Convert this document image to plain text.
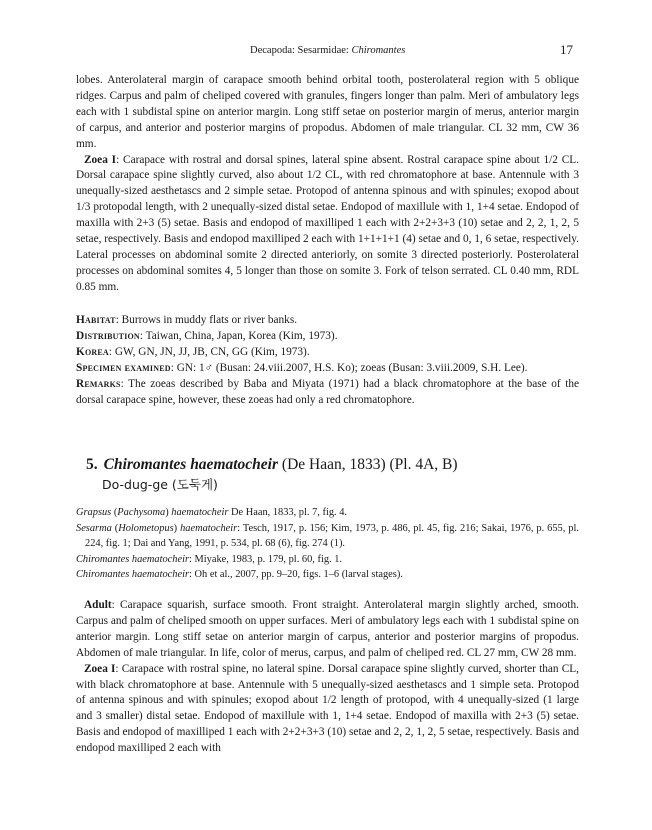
Decapoda: Sesarmidae: Chiromantes	17

lobes. Anterolateral margin of carapace smooth behind orbital tooth, posterolateral region with 5 oblique ridges. Carpus and palm of cheliped covered with granules, fingers longer than palm. Meri of ambulatory legs each with 1 subdistal spine on anterior margin. Long stiff setae on posterior margin of merus, anterior margin of carpus, and anterior and posterior margins of propodus. Abdomen of male triangular. CL 32 mm, CW 36 mm.

Zoea I: Carapace with rostral and dorsal spines, lateral spine absent. Rostral carapace spine about 1/2 CL. Dorsal carapace spine slightly curved, also about 1/2 CL, with red chromatophore at base. Antennule with 3 unequally-sized aesthetascs and 2 simple setae. Protopod of antenna spinous and with spinules; exopod about 1/3 protopodal length, with 2 unequally-sized distal setae. Endopod of maxillule with 1, 1+4 setae. Endopod of maxilla with 2+3 (5) setae. Basis and endopod of maxilliped 1 each with 2+2+3+3 (10) setae and 2, 2, 1, 2, 5 setae, respectively. Basis and endopod maxilliped 2 each with 1+1+1+1 (4) setae and 0, 1, 6 setae, respectively. Lateral processes on abdominal somite 2 directed anteriorly, on somite 3 directed posteriorly. Posterolateral processes on abdominal somites 4, 5 longer than those on somite 3. Fork of telson serrated. CL 0.40 mm, RDL 0.85 mm.

Habitat: Burrows in muddy flats or river banks.

Distribution: Taiwan, China, Japan, Korea (Kim, 1973).

Korea: GW, GN, JN, JJ, JB, CN, GG (Kim, 1973).

Specimen examined: GN: 1♂ (Busan: 24.viii.2007, H.S. Ko); zoeas (Busan: 3.viii.2009, S.H. Lee).

Remarks: The zoeas described by Baba and Miyata (1971) had a black chromatophore at the base of the dorsal carapace spine, however, these zoeas had only a red chromatophore.

5. Chiromantes haematocheir (De Haan, 1833) (Pl. 4A, B)
Do-dug-ge (도둑게)

Grapsus (Pachysoma) haematocheir De Haan, 1833, pl. 7, fig. 4.

Sesarma (Holometopus) haematocheir: Tesch, 1917, p. 156; Kim, 1973, p. 486, pl. 45, fig. 216; Sakai, 1976, p. 655, pl. 224, fig. 1; Dai and Yang, 1991, p. 534, pl. 68 (6), fig. 274 (1).

Chiromantes haematocheir: Miyake, 1983, p. 179, pl. 60, fig. 1.

Chiromantes haematocheir: Oh et al., 2007, pp. 9–20, figs. 1–6 (larval stages).

Adult: Carapace squarish, surface smooth. Front straight. Anterolateral margin slightly arched, smooth. Carpus and palm of cheliped smooth on upper surfaces. Meri of ambulatory legs each with 1 subdistal spine on anterior margin. Long stiff setae on anterior margin of carpus, anterior and posterior margins of propodus. Abdomen of male triangular. In life, color of merus, carpus, and palm of cheliped red. CL 27 mm, CW 28 mm.

Zoea I: Carapace with rostral spine, no lateral spine. Dorsal carapace spine slightly curved, shorter than CL, with black chromatophore at base. Antennule with 5 unequally-sized aesthetascs and 1 simple seta. Protopod of antenna spinous and with spinules; exopod about 1/2 length of protopod, with 4 unequally-sized (1 large and 3 smaller) distal setae. Endopod of maxillule with 1, 1+4 setae. Endopod of maxilla with 2+3 (5) setae. Basis and endopod of maxilliped 1 each with 2+2+3+3 (10) setae and 2, 2, 1, 2, 5 setae, respectively. Basis and endopod maxilliped 2 each with
